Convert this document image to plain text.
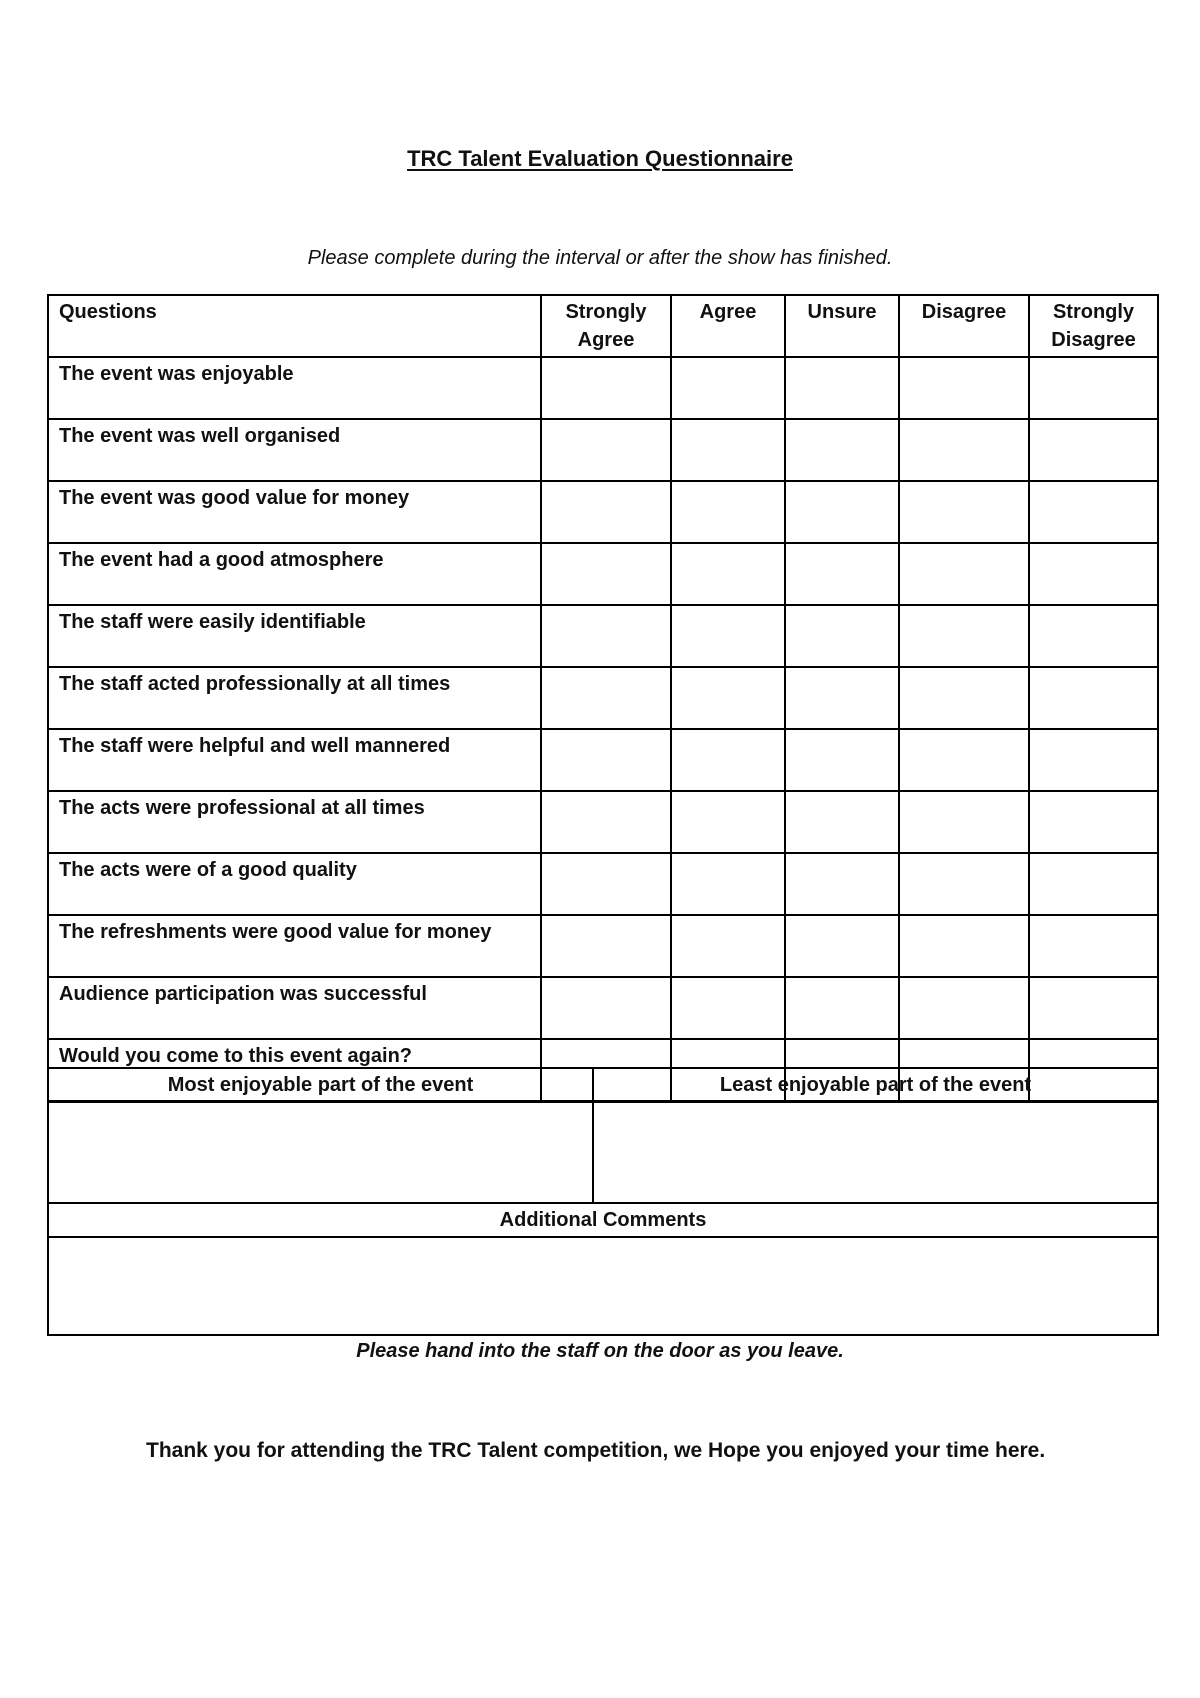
TRC Talent Evaluation Questionnaire
Please complete during the interval or after the show has finished.
Questions	Strongly Agree	Agree	Unsure	Disagree	Strongly Disagree
The event was enjoyable					
The event was well organised					
The event was good value for money					
The event had a good atmosphere					
The staff were easily identifiable					
The staff acted professionally at all times					
The staff were helpful and well mannered					
The acts were professional at all times					
The acts were of a good quality					
The refreshments were good value for money					
Audience participation was successful					
Would you come to this event again?					
Most enjoyable part of the event	Least enjoyable part of the event

Additional Comments	

Please hand into the staff on the door as you leave.
Thank you for attending the TRC Talent competition, we Hope you enjoyed your time here.
